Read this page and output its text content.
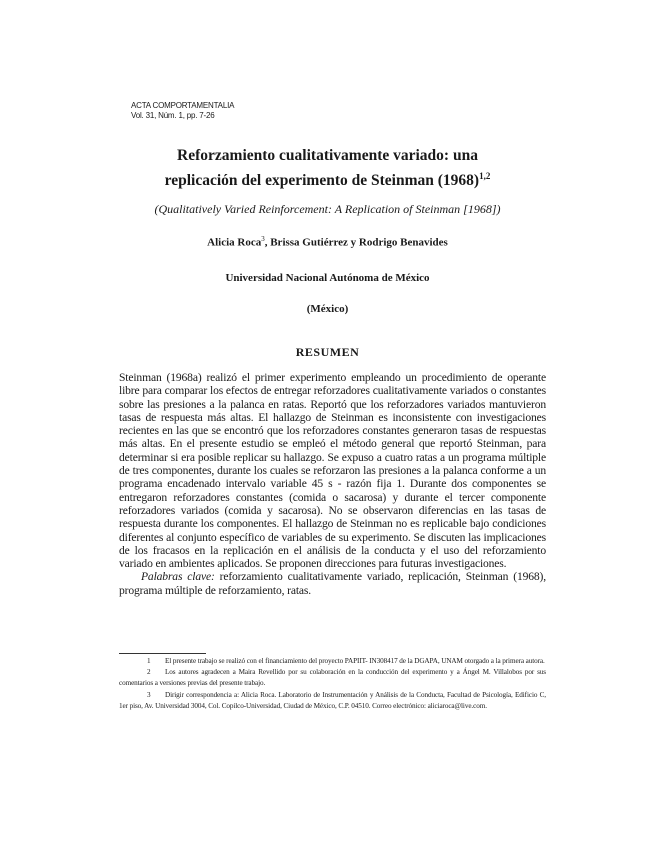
ACTA COMPORTAMENTALIA
Vol. 31, Núm. 1, pp. 7-26
Reforzamiento cualitativamente variado: una
replicación del experimento de Steinman $(1968)^{1,2}$
(Qualitatively Varied Reinforcement: A Replication of Steinman [1968])
Alicia Roca$^3$, Brissa Gutiérrez y Rodrigo Benavides
Universidad Nacional Autónoma de México
(México)
RESUMEN

Steinman (1968a) realizó el primer experimento empleando un procedimiento de operante libre para comparar los efectos de entregar reforzadores cualitativamente variados o constantes sobre las presiones a la palanca en ratas. Reportó que los reforzadores variados mantuvieron tasas de respuesta más altas. El hallazgo de Steinman es inconsistente con investigaciones recientes en las que se encontró que los reforzadores constantes generaron tasas de respuestas más altas. En el presente estudio se empleó el método general que reportó Steinman, para determinar si era posible replicar su hallazgo. Se expuso a cuatro ratas a un programa múltiple de tres componentes, durante los cuales se reforzaron las presiones a la palanca conforme a un programa encadenado intervalo variable 45 s - razón fija 1. Durante dos componentes se entregaron reforzadores constantes (comida o sacarosa) y durante el tercer componente reforzadores variados (comida y sacarosa). No se observaron diferencias en las tasas de respuesta durante los componentes. El hallazgo de Steinman no es replicable bajo condiciones diferentes al conjunto específico de variables de su experimento. Se discuten las implicaciones de los fracasos en la replicación en el análisis de la conducta y el uso del reforzamiento variado en ambientes aplicados. Se proponen direcciones para futuras investigaciones.

Palabras clave: reforzamiento cualitativamente variado, replicación, Steinman (1968), programa múltiple de reforzamiento, ratas.

1 El presente trabajo se realizó con el financiamiento del proyecto PAPIIT- IN308417 de la DGAPA, UNAM otorgado a la primera autora.

2 Los autores agradecen a Maira Revellido por su colaboración en la conducción del experimento y a Ángel M. Villalobos por sus comentarios a versiones previas del presente trabajo.

3 Dirigir correspondencia a: Alicia Roca. Laboratorio de Instrumentación y Análisis de la Conducta, Facultad de Psicología, Edificio C, 1er piso, Av. Universidad 3004, Col. Copilco-Universidad, Ciudad de México, C.P. 04510. Correo electrónico: aliciaroca@live.com.
